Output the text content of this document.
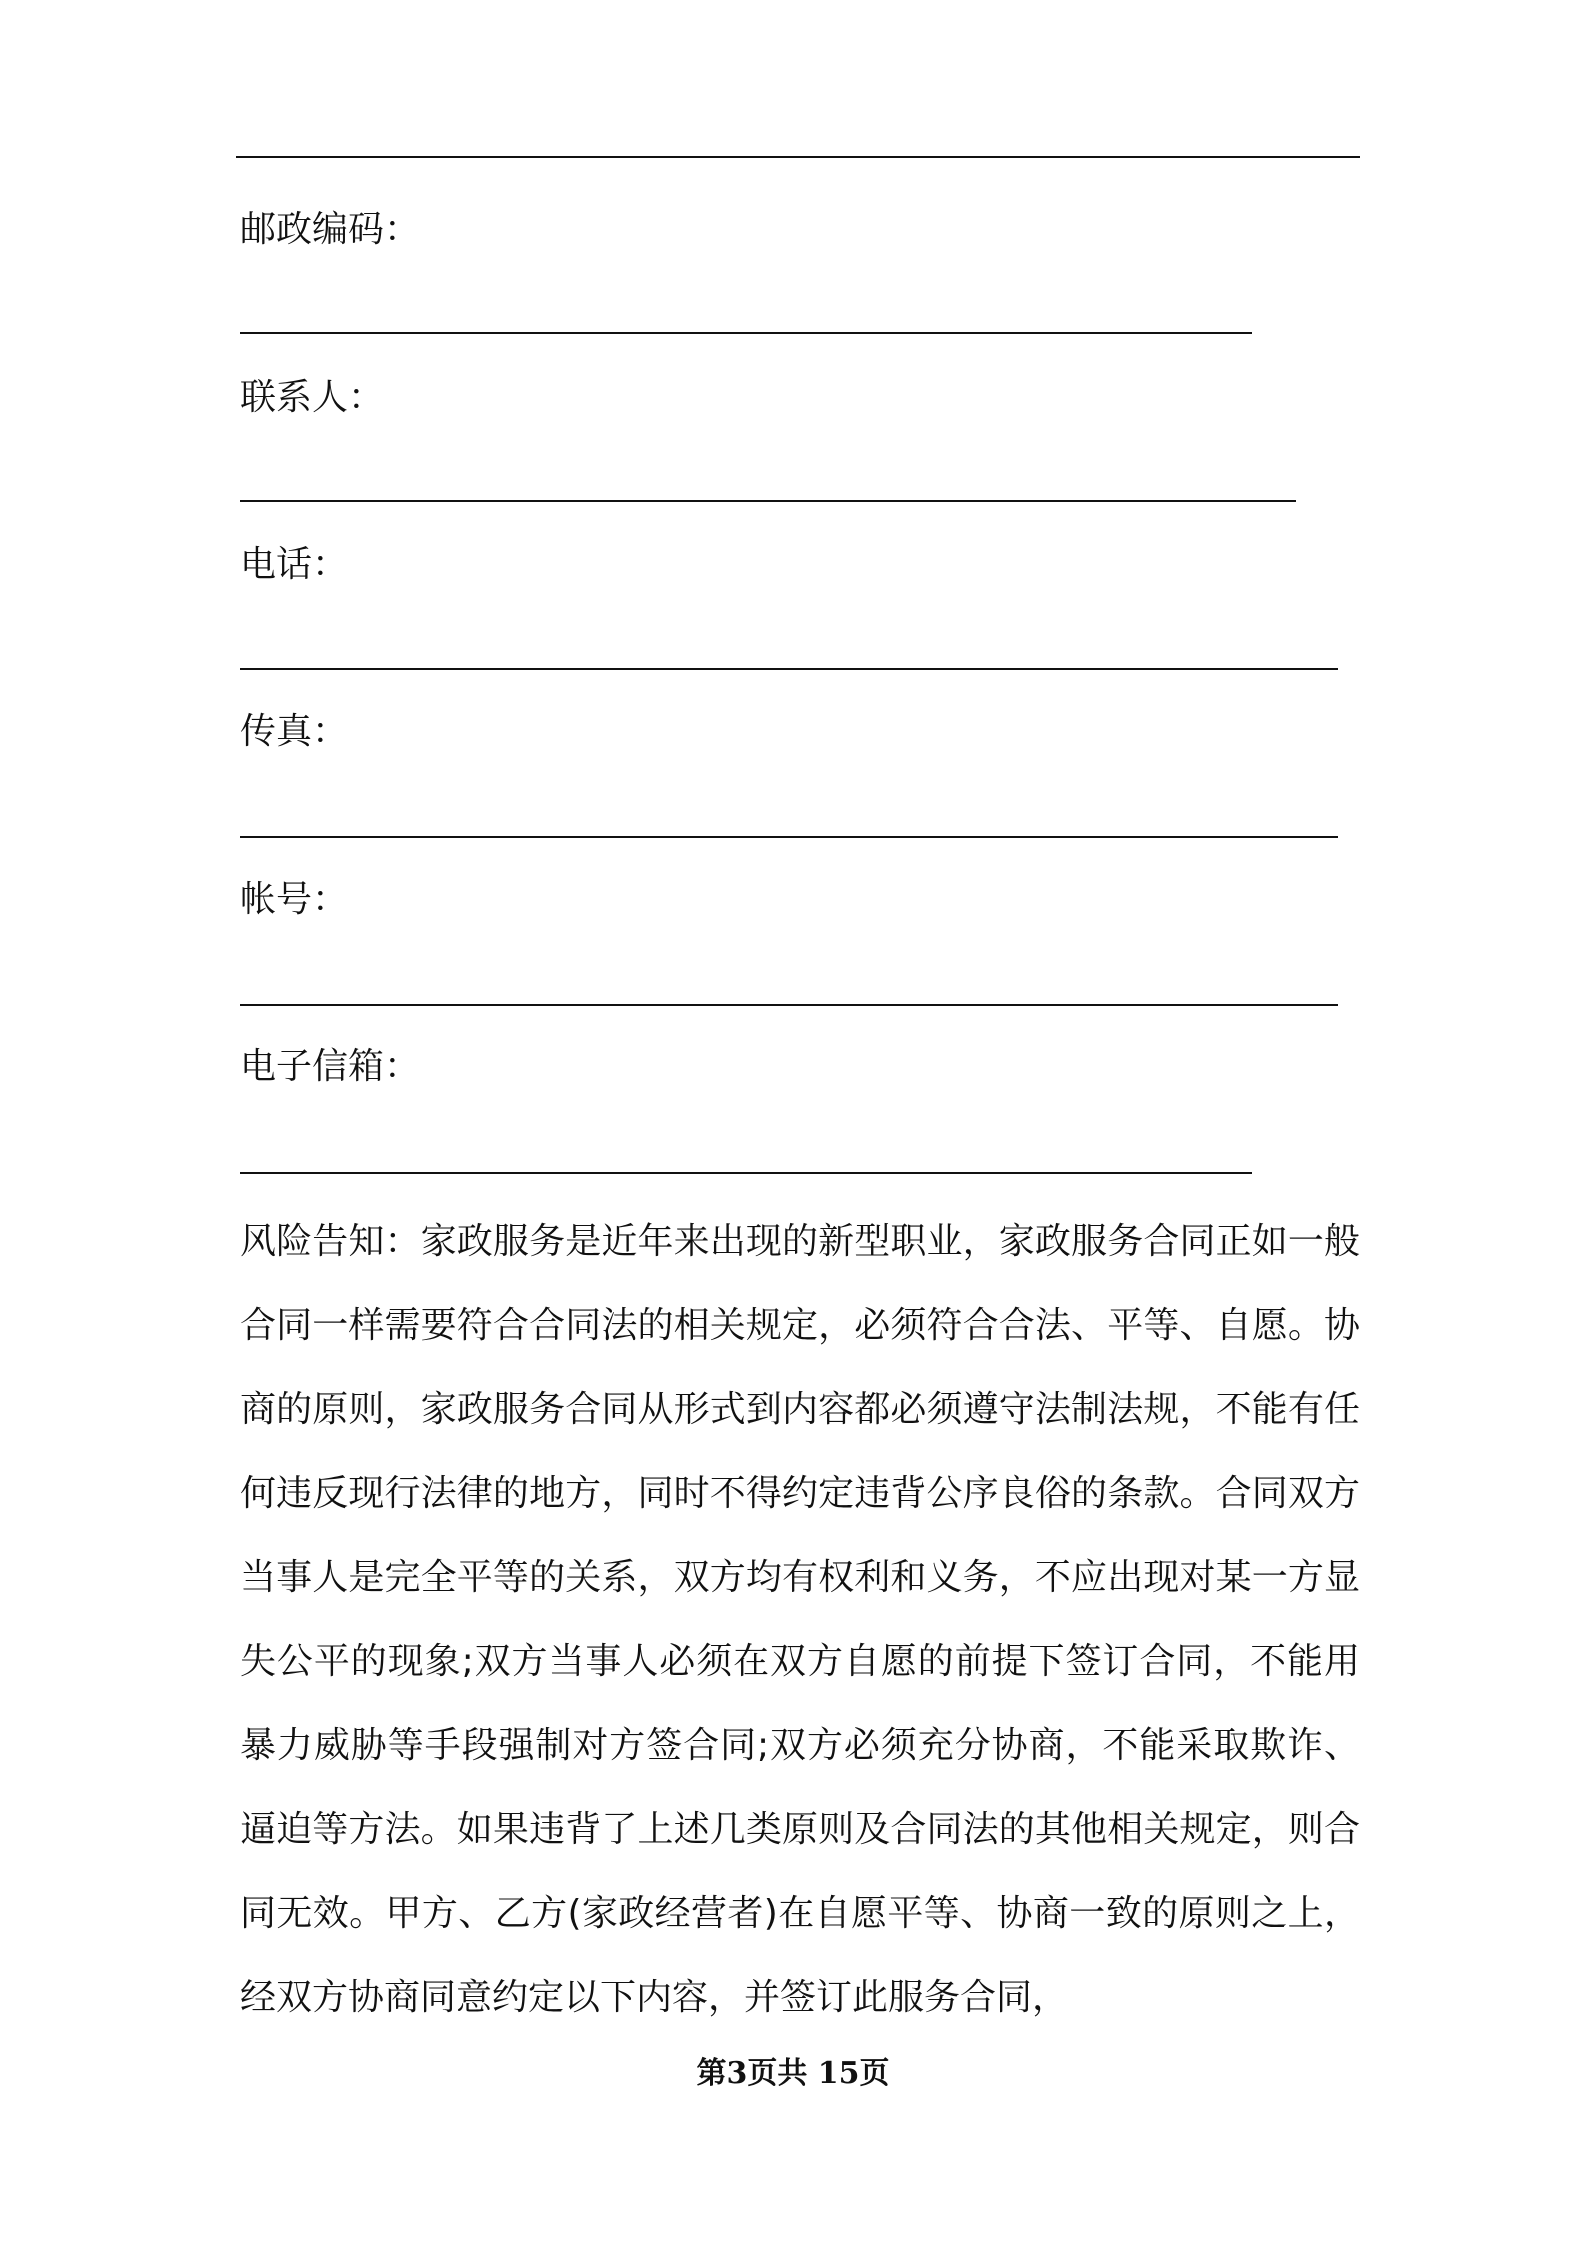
邮政编码：
联系人：
电话：
传真：
帐号：
电子信箱：

风险告知：家政服务是近年来出现的新型职业，家政服务合同正如一般合同一样需要符合合同法的相关规定，必须符合合法、平等、自愿。协商的原则，家政服务合同从形式到内容都必须遵守法制法规，不能有任何违反现行法律的地方，同时不得约定违背公序良俗的条款。合同双方当事人是完全平等的关系，双方均有权利和义务，不应出现对某一方显失公平的现象;双方当事人必须在双方自愿的前提下签订合同，不能用暴力威胁等手段强制对方签合同;双方必须充分协商，不能采取欺诈、逼迫等方法。如果违背了上述几类原则及合同法的其他相关规定，则合同无效。甲方、乙方(家政经营者)在自愿平等、协商一致的原则之上，经双方协商同意约定以下内容，并签订此服务合同，

第3页共 15页
